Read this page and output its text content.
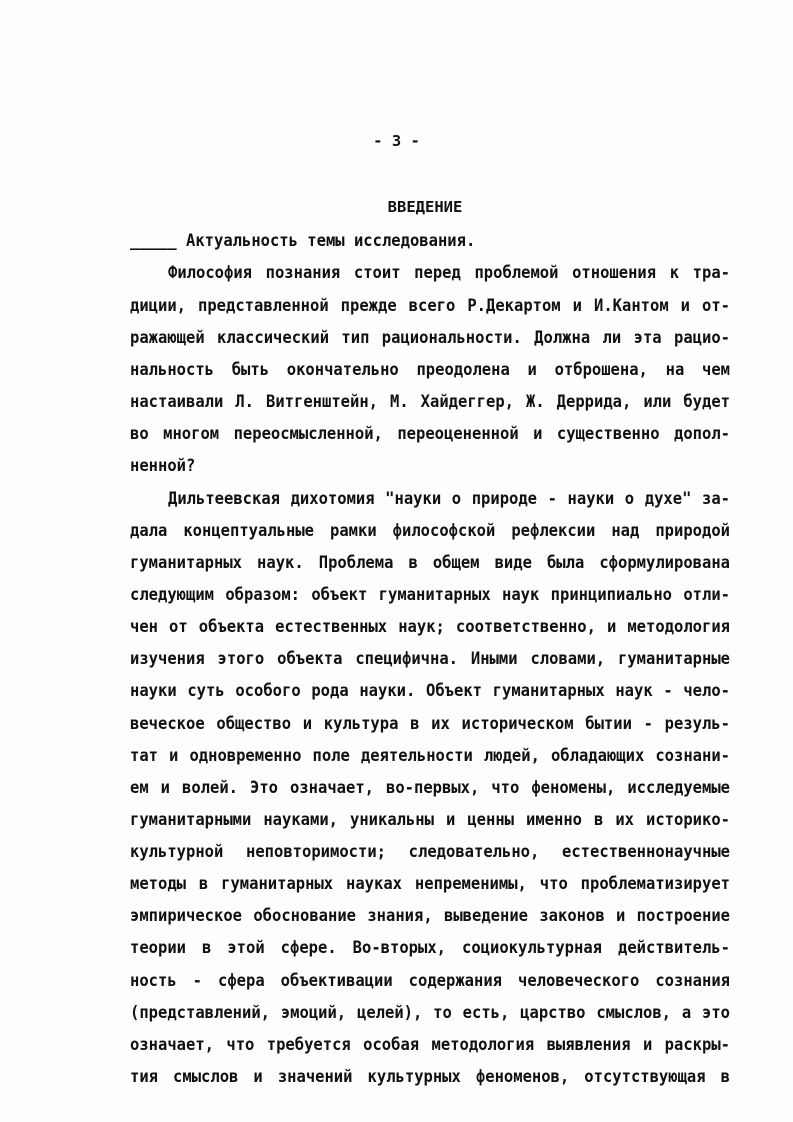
- 3 -
ВВЕДЕНИЕ
_____ Актуальность темы исследования.
Философия познания стоит перед проблемой отношения к тра-
диции, представленной прежде всего Р.Декартом и И.Кантом и от-
ражающей классический тип рациональности. Должна ли эта рацио-
нальность быть окончательно преодолена и отброшена, на чем
настаивали Л. Витгенштейн, М. Хайдеггер, Ж. Деррида, или будет
во многом переосмысленной, переоцененной и существенно допол-
ненной?
Дильтеевская дихотомия "науки о природе - науки о духе" за-
дала концептуальные рамки философской рефлексии над природой
гуманитарных наук. Проблема в общем виде была сформулирована
следующим образом: объект гуманитарных наук принципиально отли-
чен от объекта естественных наук; соответственно, и методология
изучения этого объекта специфична. Иными словами, гуманитарные
науки суть особого рода науки. Объект гуманитарных наук - чело-
веческое общество и культура в их историческом бытии - резуль-
тат и одновременно поле деятельности людей, обладающих сознани-
ем и волей. Это означает, во-первых, что феномены, исследуемые
гуманитарными науками, уникальны и ценны именно в их историко-
культурной неповторимости; следовательно, естественнонаучные
методы в гуманитарных науках непременимы, что проблематизирует
эмпирическое обоснование знания, выведение законов и построение
теории в этой сфере. Во-вторых, социокультурная действитель-
ность - сфера объективации содержания человеческого сознания
(представлений, эмоций, целей), то есть, царство смыслов, а это
означает, что требуется особая методология выявления и раскры-
тия смыслов и значений культурных феноменов, отсутствующая в
